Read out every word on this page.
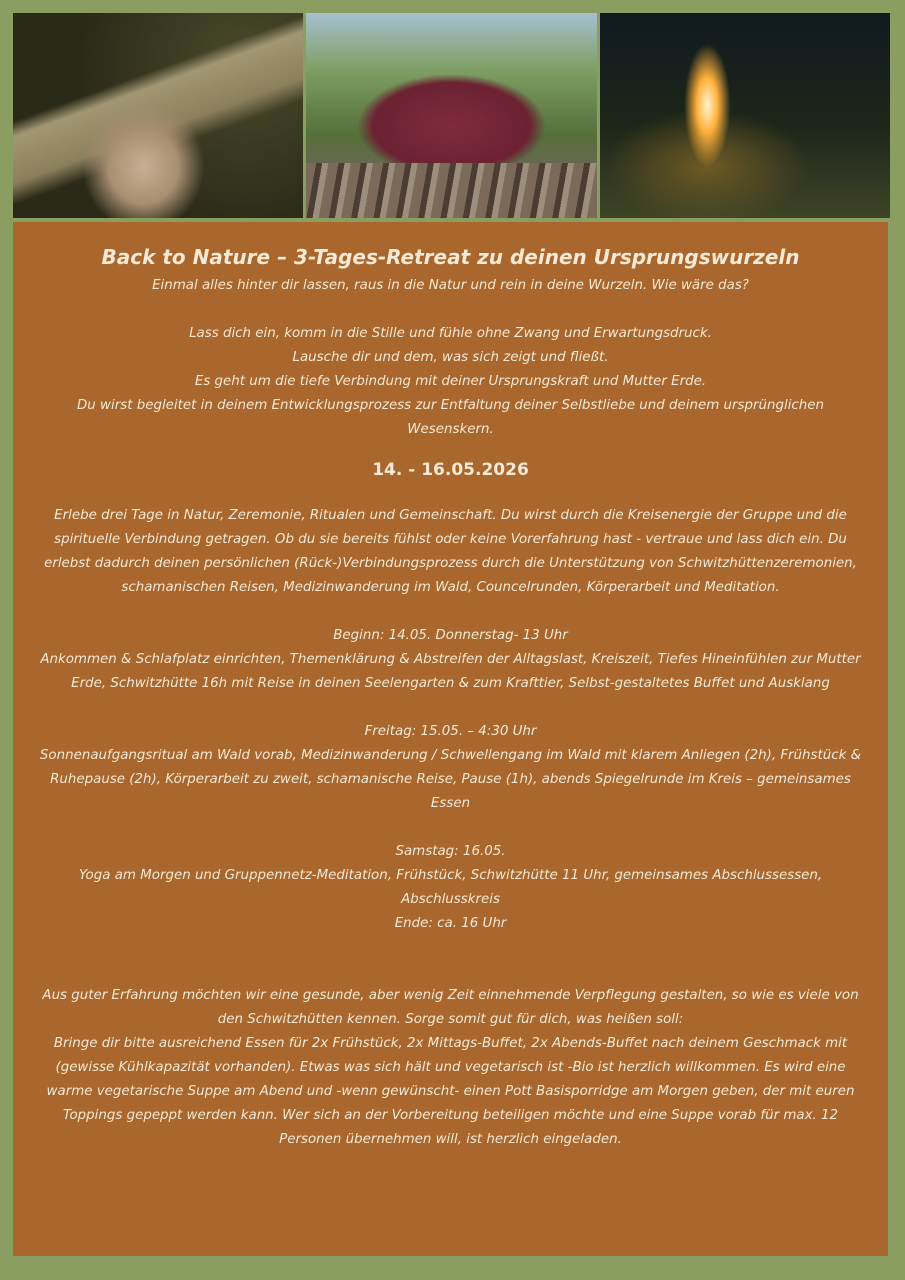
Back to Nature – 3-Tages-Retreat zu deinen Ursprungswurzeln

Einmal alles hinter dir lassen, raus in die Natur und rein in deine Wurzeln. Wie wäre das?

Lass dich ein, komm in die Stille und fühle ohne Zwang und Erwartungsdruck.

Lausche dir und dem, was sich zeigt und fließt.

Es geht um die tiefe Verbindung mit deiner Ursprungskraft und Mutter Erde.

Du wirst begleitet in deinem Entwicklungsprozess zur Entfaltung deiner Selbstliebe und deinem ursprünglichen Wesenskern.

14. - 16.05.2026

Erlebe drei Tage in Natur, Zeremonie, Ritualen und Gemeinschaft. Du wirst durch die Kreisenergie der Gruppe und die spirituelle Verbindung getragen. Ob du sie bereits fühlst oder keine Vorerfahrung hast - vertraue und lass dich ein. Du erlebst dadurch deinen persönlichen (Rück-)Verbindungsprozess durch die Unterstützung von Schwitzhüttenzeremonien, schamanischen Reisen, Medizinwanderung im Wald, Councelrunden, Körperarbeit und Meditation.

Beginn: 14.05. Donnerstag- 13 Uhr

Ankommen & Schlafplatz einrichten, Themenklärung & Abstreifen der Alltagslast, Kreiszeit, Tiefes Hineinfühlen zur Mutter Erde, Schwitzhütte 16h mit Reise in deinen Seelengarten & zum Krafttier, Selbst-gestaltetes Buffet und Ausklang

Freitag: 15.05. – 4:30 Uhr

Sonnenaufgangsritual am Wald vorab, Medizinwanderung / Schwellengang im Wald mit klarem Anliegen (2h), Frühstück & Ruhepause (2h), Körperarbeit zu zweit, schamanische Reise, Pause (1h), abends Spiegelrunde im Kreis – gemeinsames Essen

Samstag: 16.05.

Yoga am Morgen und Gruppennetz-Meditation, Frühstück, Schwitzhütte 11 Uhr, gemeinsames Abschlussessen, Abschlusskreis

Ende: ca. 16 Uhr

Aus guter Erfahrung möchten wir eine gesunde, aber wenig Zeit einnehmende Verpflegung gestalten, so wie es viele von den Schwitzhütten kennen. Sorge somit gut für dich, was heißen soll:

Bringe dir bitte ausreichend Essen für 2x Frühstück, 2x Mittags-Buffet, 2x Abends-Buffet nach deinem Geschmack mit (gewisse Kühlkapazität vorhanden). Etwas was sich hält und vegetarisch ist -Bio ist herzlich willkommen. Es wird eine warme vegetarische Suppe am Abend und -wenn gewünscht- einen Pott Basisporridge am Morgen geben, der mit euren Toppings gepeppt werden kann. Wer sich an der Vorbereitung beteiligen möchte und eine Suppe vorab für max. 12 Personen übernehmen will, ist herzlich eingeladen.
